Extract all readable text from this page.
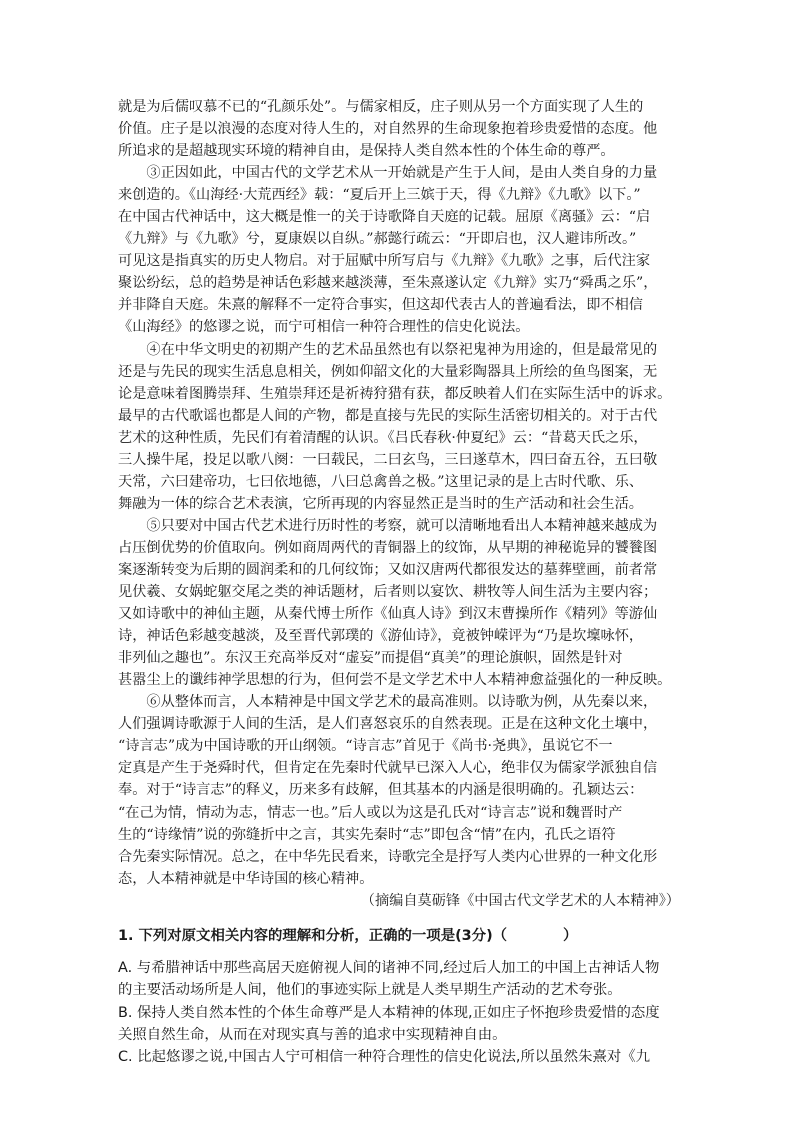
就是为后儒叹慕不已的“孔颜乐处”。与儒家相反，庄子则从另一个方面实现了人生的
价值。庄子是以浪漫的态度对待人生的，对自然界的生命现象抱着珍贵爱惜的态度。他
所追求的是超越现实环境的精神自由，是保持人类自然本性的个体生命的尊严。

　　③正因如此，中国古代的文学艺术从一开始就是产生于人间，是由人类自身的力量
来创造的。《山海经·大荒西经》载：“夏后开上三嫔于天，得《九辩》《九歌》以下。”
在中国古代神话中，这大概是惟一的关于诗歌降自天庭的记载。屈原《离骚》云：“启
《九辩》与《九歌》兮，夏康娱以自纵。”郝懿行疏云：“开即启也，汉人避讳所改。”
可见这是指真实的历史人物启。对于屈赋中所写启与《九辩》《九歌》之事，后代注家
聚讼纷纭，总的趋势是神话色彩越来越淡薄，至朱熹遂认定《九辩》实乃“舜禹之乐”，
并非降自天庭。朱熹的解释不一定符合事实，但这却代表古人的普遍看法，即不相信
《山海经》的悠谬之说，而宁可相信一种符合理性的信史化说法。

　　④在中华文明史的初期产生的艺术品虽然也有以祭祀鬼神为用途的，但是最常见的
还是与先民的现实生活息息相关，例如仰韶文化的大量彩陶器具上所绘的鱼鸟图案，无
论是意味着图腾崇拜、生殖崇拜还是祈祷狩猎有获，都反映着人们在实际生活中的诉求。
最早的古代歌谣也都是人间的产物，都是直接与先民的实际生活密切相关的。对于古代
艺术的这种性质，先民们有着清醒的认识。《吕氏春秋·仲夏纪》云：“昔葛天氏之乐，
三人操牛尾，投足以歌八阕：一曰载民，二曰玄鸟，三曰遂草木，四曰奋五谷，五曰敬
天常，六曰建帝功，七曰依地德，八曰总禽兽之极。”这里记录的是上古时代歌、乐、
舞融为一体的综合艺术表演，它所再现的内容显然正是当时的生产活动和社会生活。

　　⑤只要对中国古代艺术进行历时性的考察，就可以清晰地看出人本精神越来越成为
占压倒优势的价值取向。例如商周两代的青铜器上的纹饰，从早期的神秘诡异的饕餮图
案逐渐转变为后期的圆润柔和的几何纹饰；又如汉唐两代都很发达的墓葬壁画，前者常
见伏羲、女娲蛇躯交尾之类的神话题材，后者则以宴饮、耕牧等人间生活为主要内容；
又如诗歌中的神仙主题，从秦代博士所作《仙真人诗》到汉末曹操所作《精列》等游仙
诗，神话色彩越变越淡，及至晋代郭璞的《游仙诗》，竟被钟嵘评为“乃是坎壈咏怀，
非列仙之趣也”。东汉王充高举反对“虚妄”而提倡“真美”的理论旗帜，固然是针对
甚嚣尘上的谶纬神学思想的行为，但何尝不是文学艺术中人本精神愈益强化的一种反映。

　　⑥从整体而言，人本精神是中国文学艺术的最高准则。以诗歌为例，从先秦以来，
人们强调诗歌源于人间的生活，是人们喜怒哀乐的自然表现。正是在这种文化土壤中，
“诗言志”成为中国诗歌的开山纲领。“诗言志”首见于《尚书·尧典》，虽说它不一
定真是产生于尧舜时代，但肯定在先秦时代就早已深入人心，绝非仅为儒家学派独自信
奉。对于“诗言志”的释义，历来多有歧解，但其基本的内涵是很明确的。孔颖达云：
“在己为情，情动为志，情志一也。”后人或以为这是孔氏对“诗言志”说和魏晋时产
生的“诗缘情”说的弥缝折中之言，其实先秦时“志”即包含“情”在内，孔氏之语符
合先秦实际情况。总之，在中华先民看来，诗歌完全是抒写人类内心世界的一种文化形
态，人本精神就是中华诗国的核心精神。

（摘编自莫砺锋《中国古代文学艺术的人本精神》）

1. 下列对原文相关内容的理解和分析，正确的一项是(3分)（	）

A. 与希腊神话中那些高居天庭俯视人间的诸神不同,经过后人加工的中国上古神话人物
的主要活动场所是人间，他们的事迹实际上就是人类早期生产活动的艺术夸张。
B. 保持人类自然本性的个体生命尊严是人本精神的体现,正如庄子怀抱珍贵爱惜的态度
关照自然生命，从而在对现实真与善的追求中实现精神自由。
C. 比起悠谬之说,中国古人宁可相信一种符合理性的信史化说法,所以虽然朱熹对《九
